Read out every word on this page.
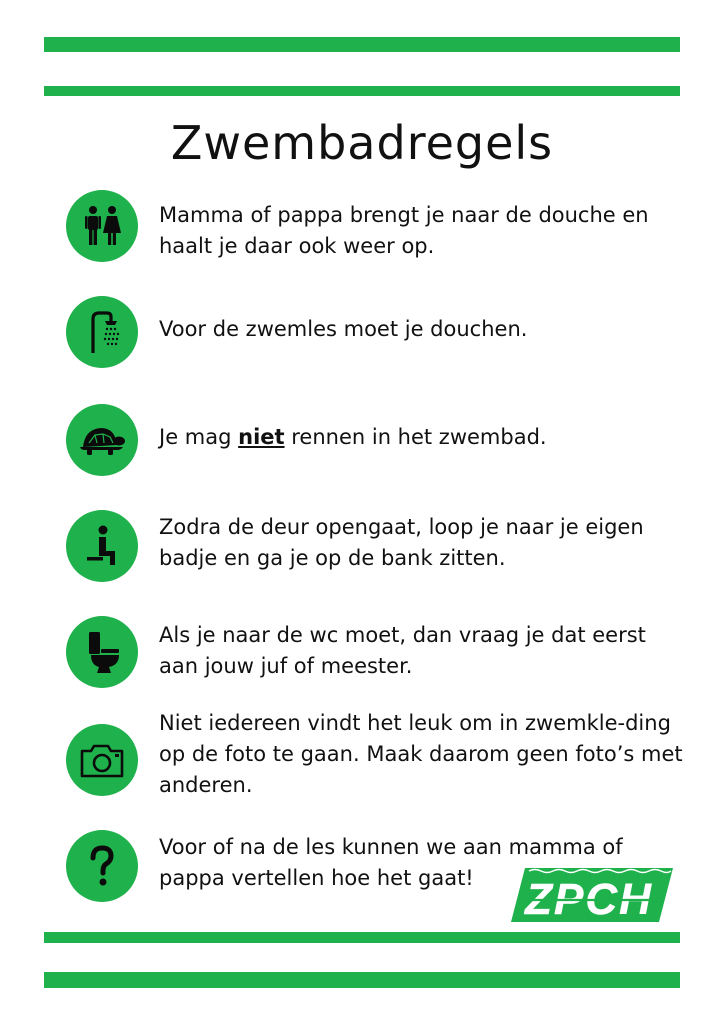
Zwembadregels
Mamma of pappa brengt je naar de douche en haalt je daar ook weer op.
Voor de zwemles moet je douchen.
Je mag niet rennen in het zwembad.
Zodra de deur opengaat, loop je naar je eigen badje en ga je op de bank zitten.
Als je naar de wc moet, dan vraag je dat eerst aan jouw juf of meester.
Niet iedereen vindt het leuk om in zwemkle-ding op de foto te gaan. Maak daarom geen foto’s met anderen.
Voor of na de les kunnen we aan mamma of pappa vertellen hoe het gaat!	ZPCH
